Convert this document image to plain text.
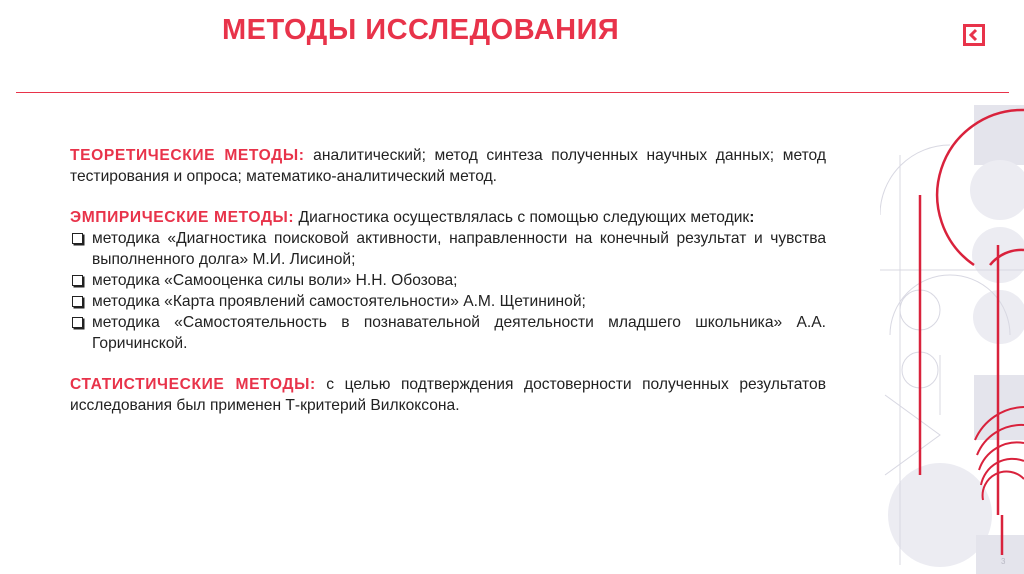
МЕТОДЫ ИССЛЕДОВАНИЯ

ТЕОРЕТИЧЕСКИЕ МЕТОДЫ: аналитический; метод синтеза полученных научных данных; метод тестирования и опроса; математико-аналитический метод.

ЭМПИРИЧЕСКИЕ МЕТОДЫ: Диагностика осуществлялась с помощью следующих методик:

методика «Диагностика поисковой активности, направленности на конечный результат и чувства выполненного долга» М.И. Лисиной;
методика «Самооценка силы воли» Н.Н. Обозова;
методика «Карта проявлений самостоятельности» А.М. Щетининой;
методика «Самостоятельность в познавательной деятельности младшего школьника» А.А. Горичинской.

СТАТИСТИЧЕСКИЕ МЕТОДЫ: с целью подтверждения достоверности полученных результатов исследования был применен Т-критерий Вилкоксона.

3
